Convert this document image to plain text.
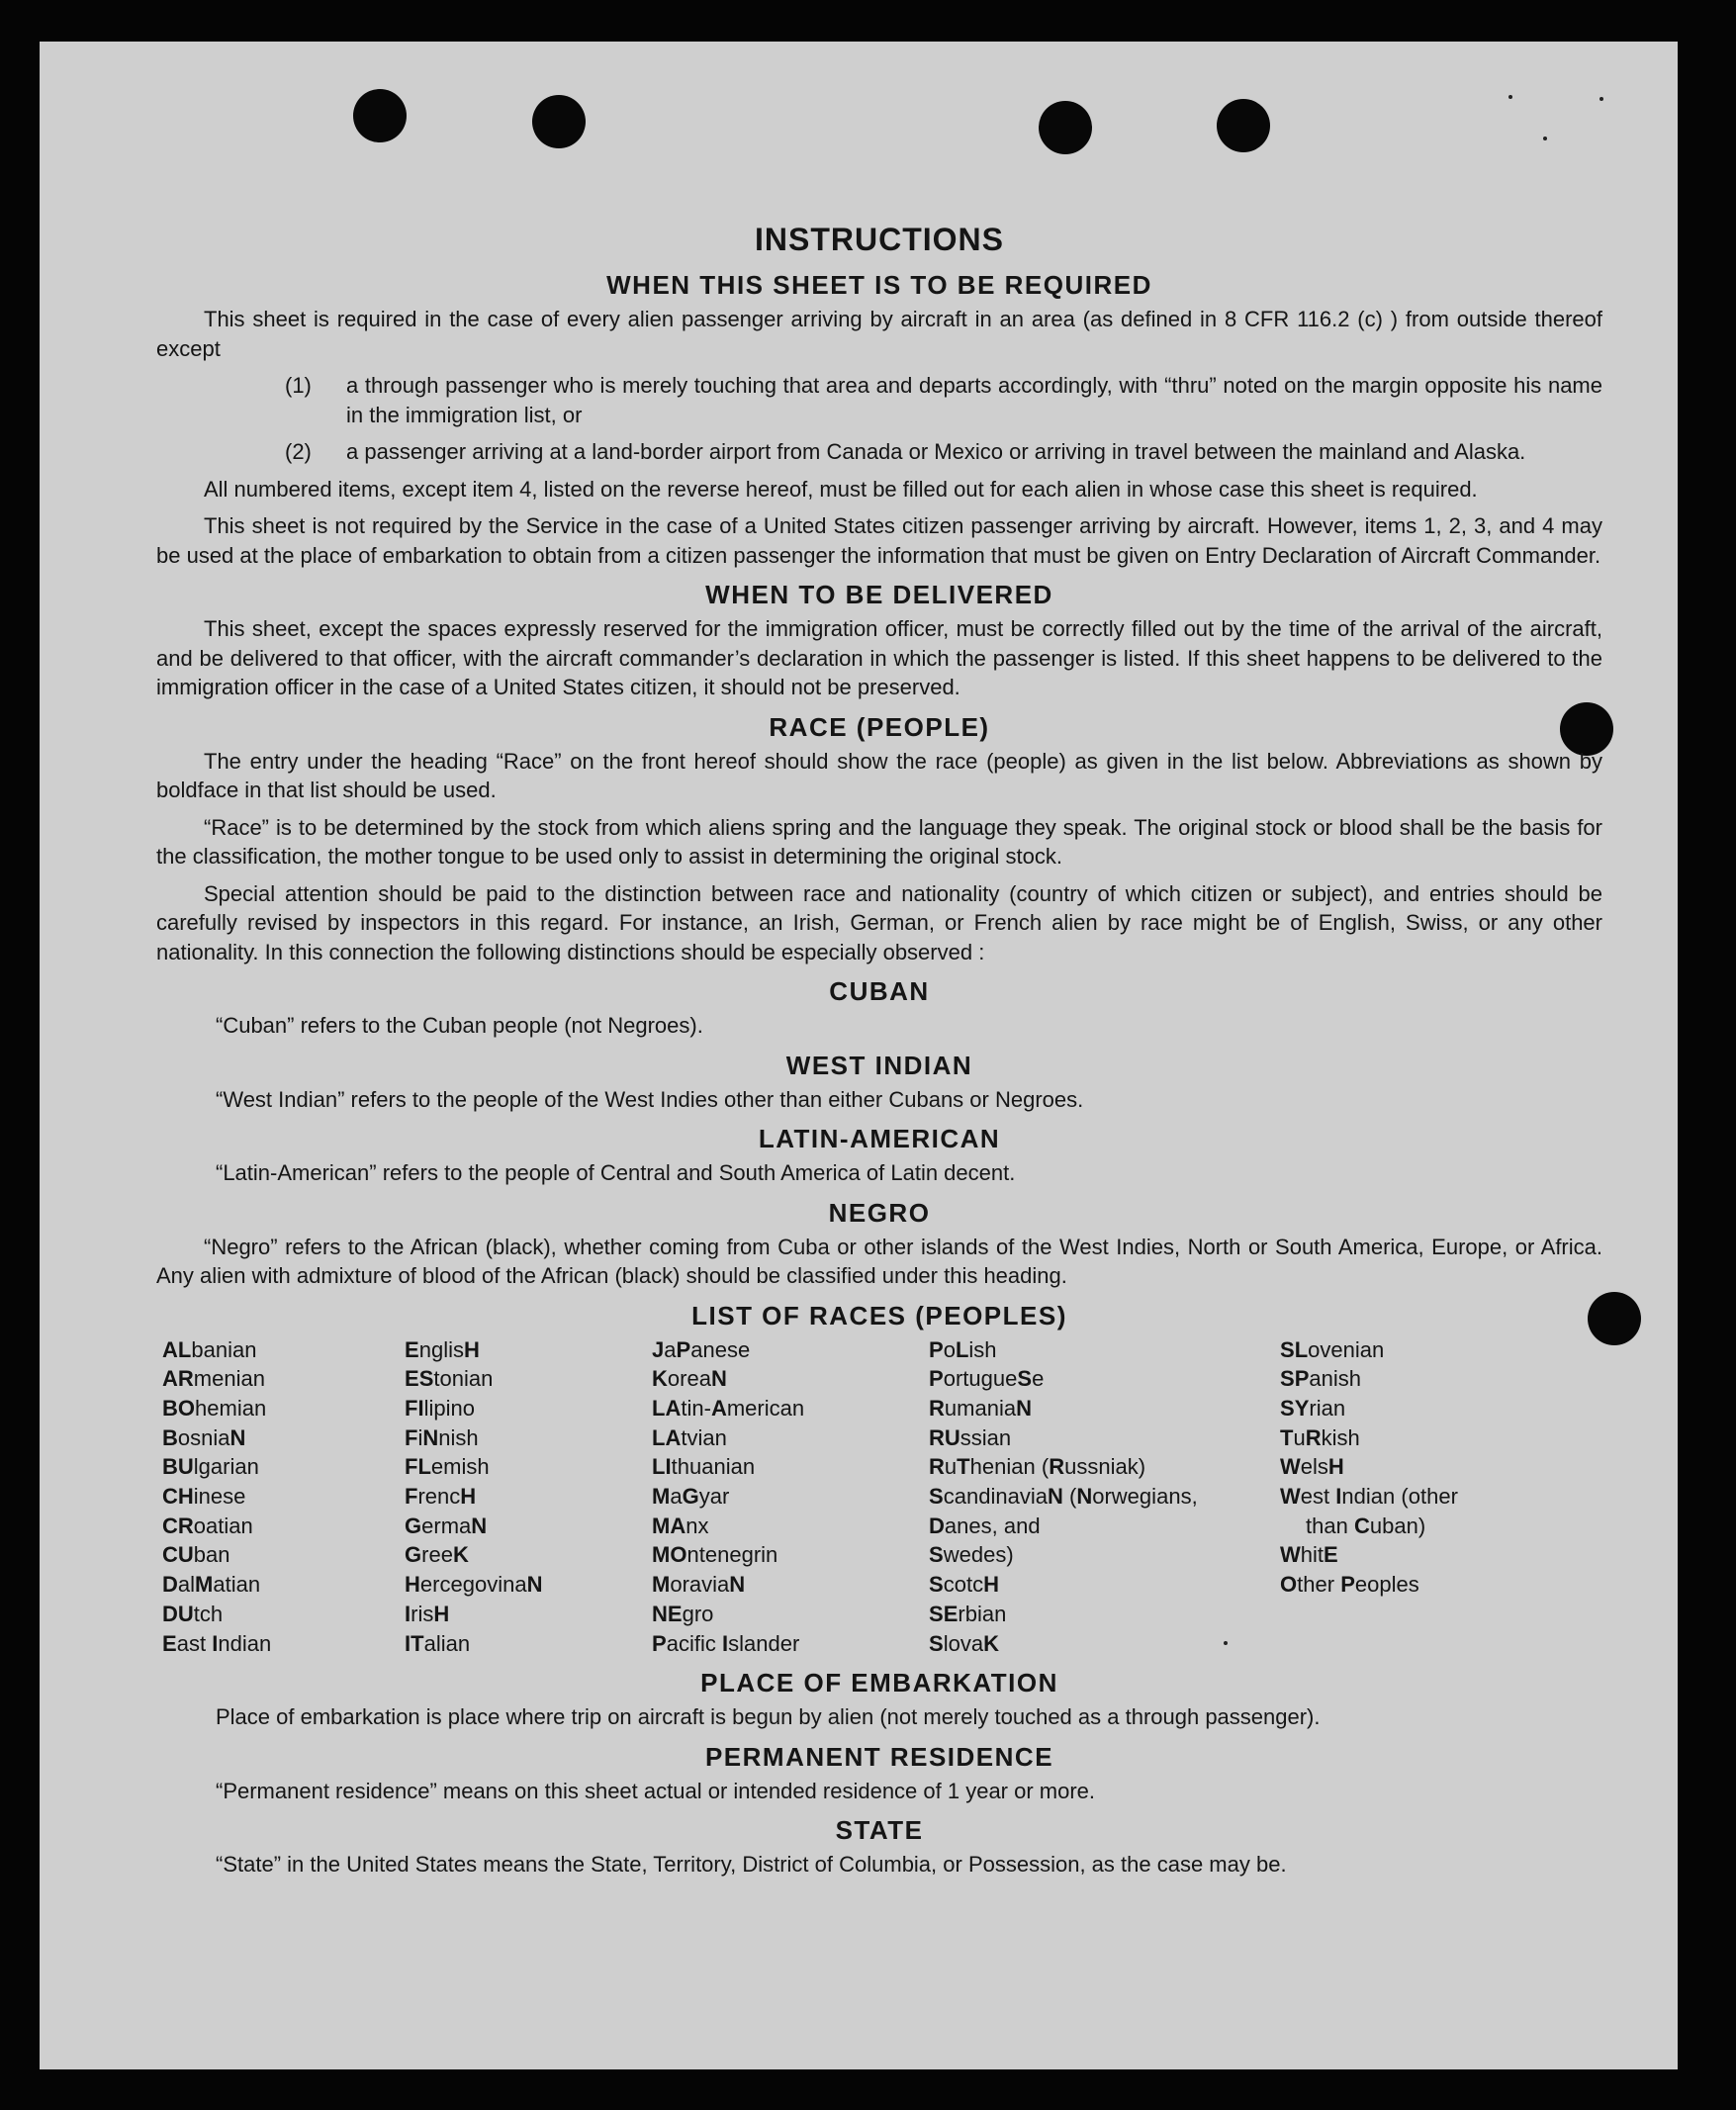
INSTRUCTIONS
WHEN THIS SHEET IS TO BE REQUIRED

This sheet is required in the case of every alien passenger arriving by aircraft in an area (as defined in 8 CFR 116.2 (c) ) from outside thereof except

(1)	a through passenger who is merely touching that area and departs accordingly, with “thru” noted on the margin opposite his name in the immigration list, or
(2)	a passenger arriving at a land-border airport from Canada or Mexico or arriving in travel between the mainland and Alaska.

All numbered items, except item 4, listed on the reverse hereof, must be filled out for each alien in whose case this sheet is required.

This sheet is not required by the Service in the case of a United States citizen passenger arriving by aircraft. However, items 1, 2, 3, and 4 may be used at the place of embarkation to obtain from a citizen passenger the information that must be given on Entry Declaration of Aircraft Commander.

WHEN TO BE DELIVERED

This sheet, except the spaces expressly reserved for the immigration officer, must be correctly filled out by the time of the arrival of the aircraft, and be delivered to that officer, with the aircraft commander’s declaration in which the passenger is listed. If this sheet happens to be delivered to the immigration officer in the case of a United States citizen, it should not be preserved.

RACE (PEOPLE)

The entry under the heading “Race” on the front hereof should show the race (people) as given in the list below. Abbreviations as shown by boldface in that list should be used.

“Race” is to be determined by the stock from which aliens spring and the language they speak. The original stock or blood shall be the basis for the classification, the mother tongue to be used only to assist in determining the original stock.

Special attention should be paid to the distinction between race and nationality (country of which citizen or subject), and entries should be carefully revised by inspectors in this regard. For instance, an Irish, German, or French alien by race might be of English, Swiss, or any other nationality. In this connection the following distinctions should be especially observed :

CUBAN
“Cuban” refers to the Cuban people (not Negroes).
WEST INDIAN
“West Indian” refers to the people of the West Indies other than either Cubans or Negroes.
LATIN-AMERICAN
“Latin-American” refers to the people of Central and South America of Latin decent.
NEGRO

“Negro” refers to the African (black), whether coming from Cuba or other islands of the West Indies, North or South America, Europe, or Africa. Any alien with admixture of blood of the African (black) should be classified under this heading.

LIST OF RACES (PEOPLES)
ALbanian
ARmenian
BOhemian
BosniaN
BUlgarian
CHinese
CRoatian
CUban
DalMatian
DUtch
East Indian
EnglisH
EStonian
FIlipino
FiNnish
FLemish
FrencH
GermaN
GreeK
HercegovinaN
IrisH
ITalian
JaPanese
KoreaN
LAtin-American
LAtvian
LIthuanian
MaGyar
MAnx
MOntenegrin
MoraviaN
NEgro
Pacific Islander
PoLish
PortugueSe
RumaniaN
RUssian
RuThenian (Russniak)
ScandinaviaN (Norwegians,
Danes, and
Swedes)
ScotcH
SErbian
SlovaK
SLovenian
SPanish
SYrian
TuRkish
WelsH
West Indian (other
than Cuban)
WhitE
Other Peoples
PLACE OF EMBARKATION
Place of embarkation is place where trip on aircraft is begun by alien (not merely touched as a through passenger).
PERMANENT RESIDENCE
“Permanent residence” means on this sheet actual or intended residence of 1 year or more.
STATE
“State” in the United States means the State, Territory, District of Columbia, or Possession, as the case may be.
